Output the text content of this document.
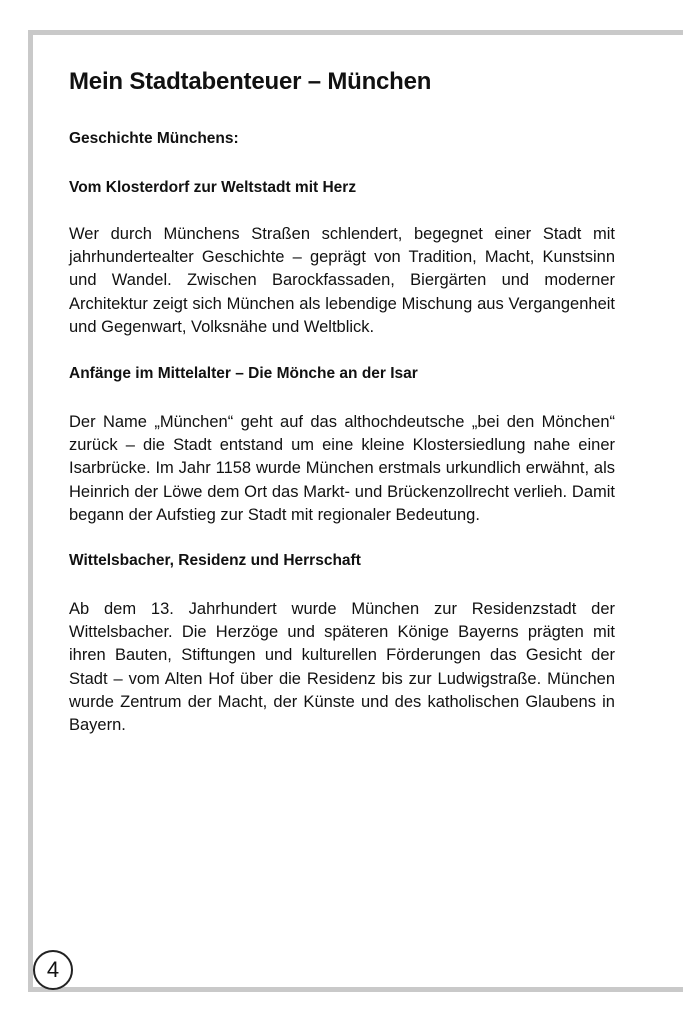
Mein Stadtabenteuer – München
Geschichte Münchens:
Vom Klosterdorf zur Weltstadt mit Herz

Wer durch Münchens Straßen schlendert, begegnet einer Stadt mit jahrhundertealter Geschichte – geprägt von Tradition, Macht, Kunstsinn und Wandel. Zwischen Barockfassaden, Biergärten und moderner Architektur zeigt sich München als lebendige Mischung aus Vergangenheit und Gegenwart, Volksnähe und Weltblick.

Anfänge im Mittelalter – Die Mönche an der Isar

Der Name „München“ geht auf das althochdeutsche „bei den Mönchen“ zurück – die Stadt entstand um eine kleine Klostersiedlung nahe einer Isarbrücke. Im Jahr 1158 wurde München erstmals urkundlich erwähnt, als Heinrich der Löwe dem Ort das Markt- und Brückenzollrecht verlieh. Damit begann der Aufstieg zur Stadt mit regionaler Bedeutung.

Wittelsbacher, Residenz und Herrschaft

Ab dem 13. Jahrhundert wurde München zur Residenzstadt der Wittelsbacher. Die Herzöge und späteren Könige Bayerns prägten mit ihren Bauten, Stiftungen und kulturellen Förderungen das Gesicht der Stadt – vom Alten Hof über die Residenz bis zur Ludwigstraße. München wurde Zentrum der Macht, der Künste und des katholischen Glaubens in Bayern.

4
